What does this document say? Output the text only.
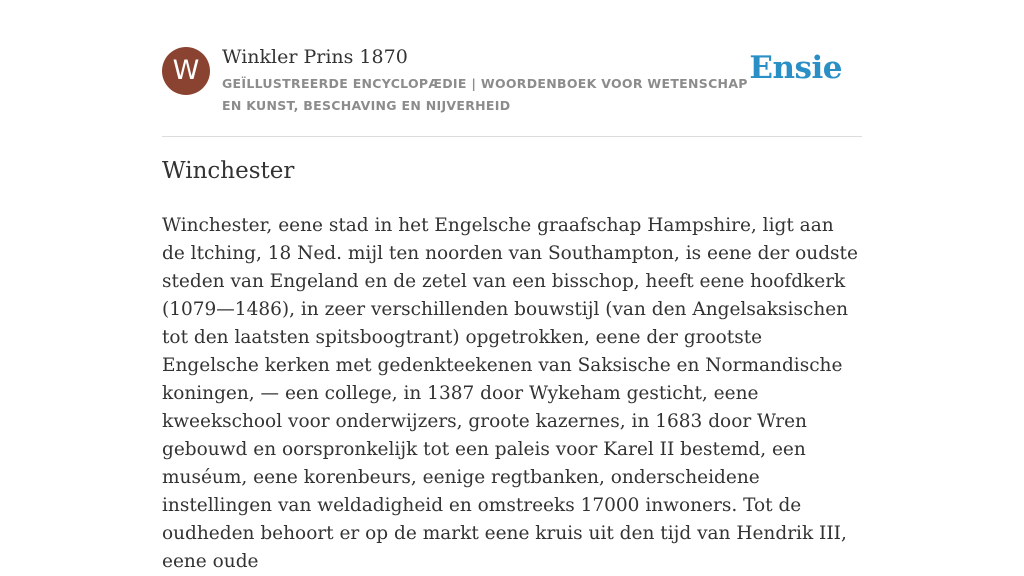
W	Winkler Prins 1870
GEÏLLUSTREERDE ENCYCLOPÆDIE | WOORDENBOEK VOOR WETENSCHAP EN KUNST, BESCHAVING EN NIJVERHEID
Ensie
Winchester

Winchester, eene stad in het Engelsche graafschap Hampshire, ligt aan de ltching, 18 Ned. mijl ten noorden van Southampton, is eene der oudste steden van Engeland en de zetel van een bisschop, heeft eene hoofdkerk (1079—1486), in zeer verschillenden bouwstijl (van den Angelsaksischen tot den laatsten spitsboogtrant) opgetrokken, eene der grootste Engelsche kerken met gedenkteekenen van Saksische en Normandische koningen, — een college, in 1387 door Wykeham gesticht, eene kweekschool voor onderwijzers, groote kazernes, in 1683 door Wren gebouwd en oorspronkelijk tot een paleis voor Karel II bestemd, een muséum, eene korenbeurs, eenige regtbanken, onderscheidene instellingen van weldadigheid en omstreeks 17000 inwoners. Tot de oudheden behoort er op de markt eene kruis uit den tijd van Hendrik III, eene oude
